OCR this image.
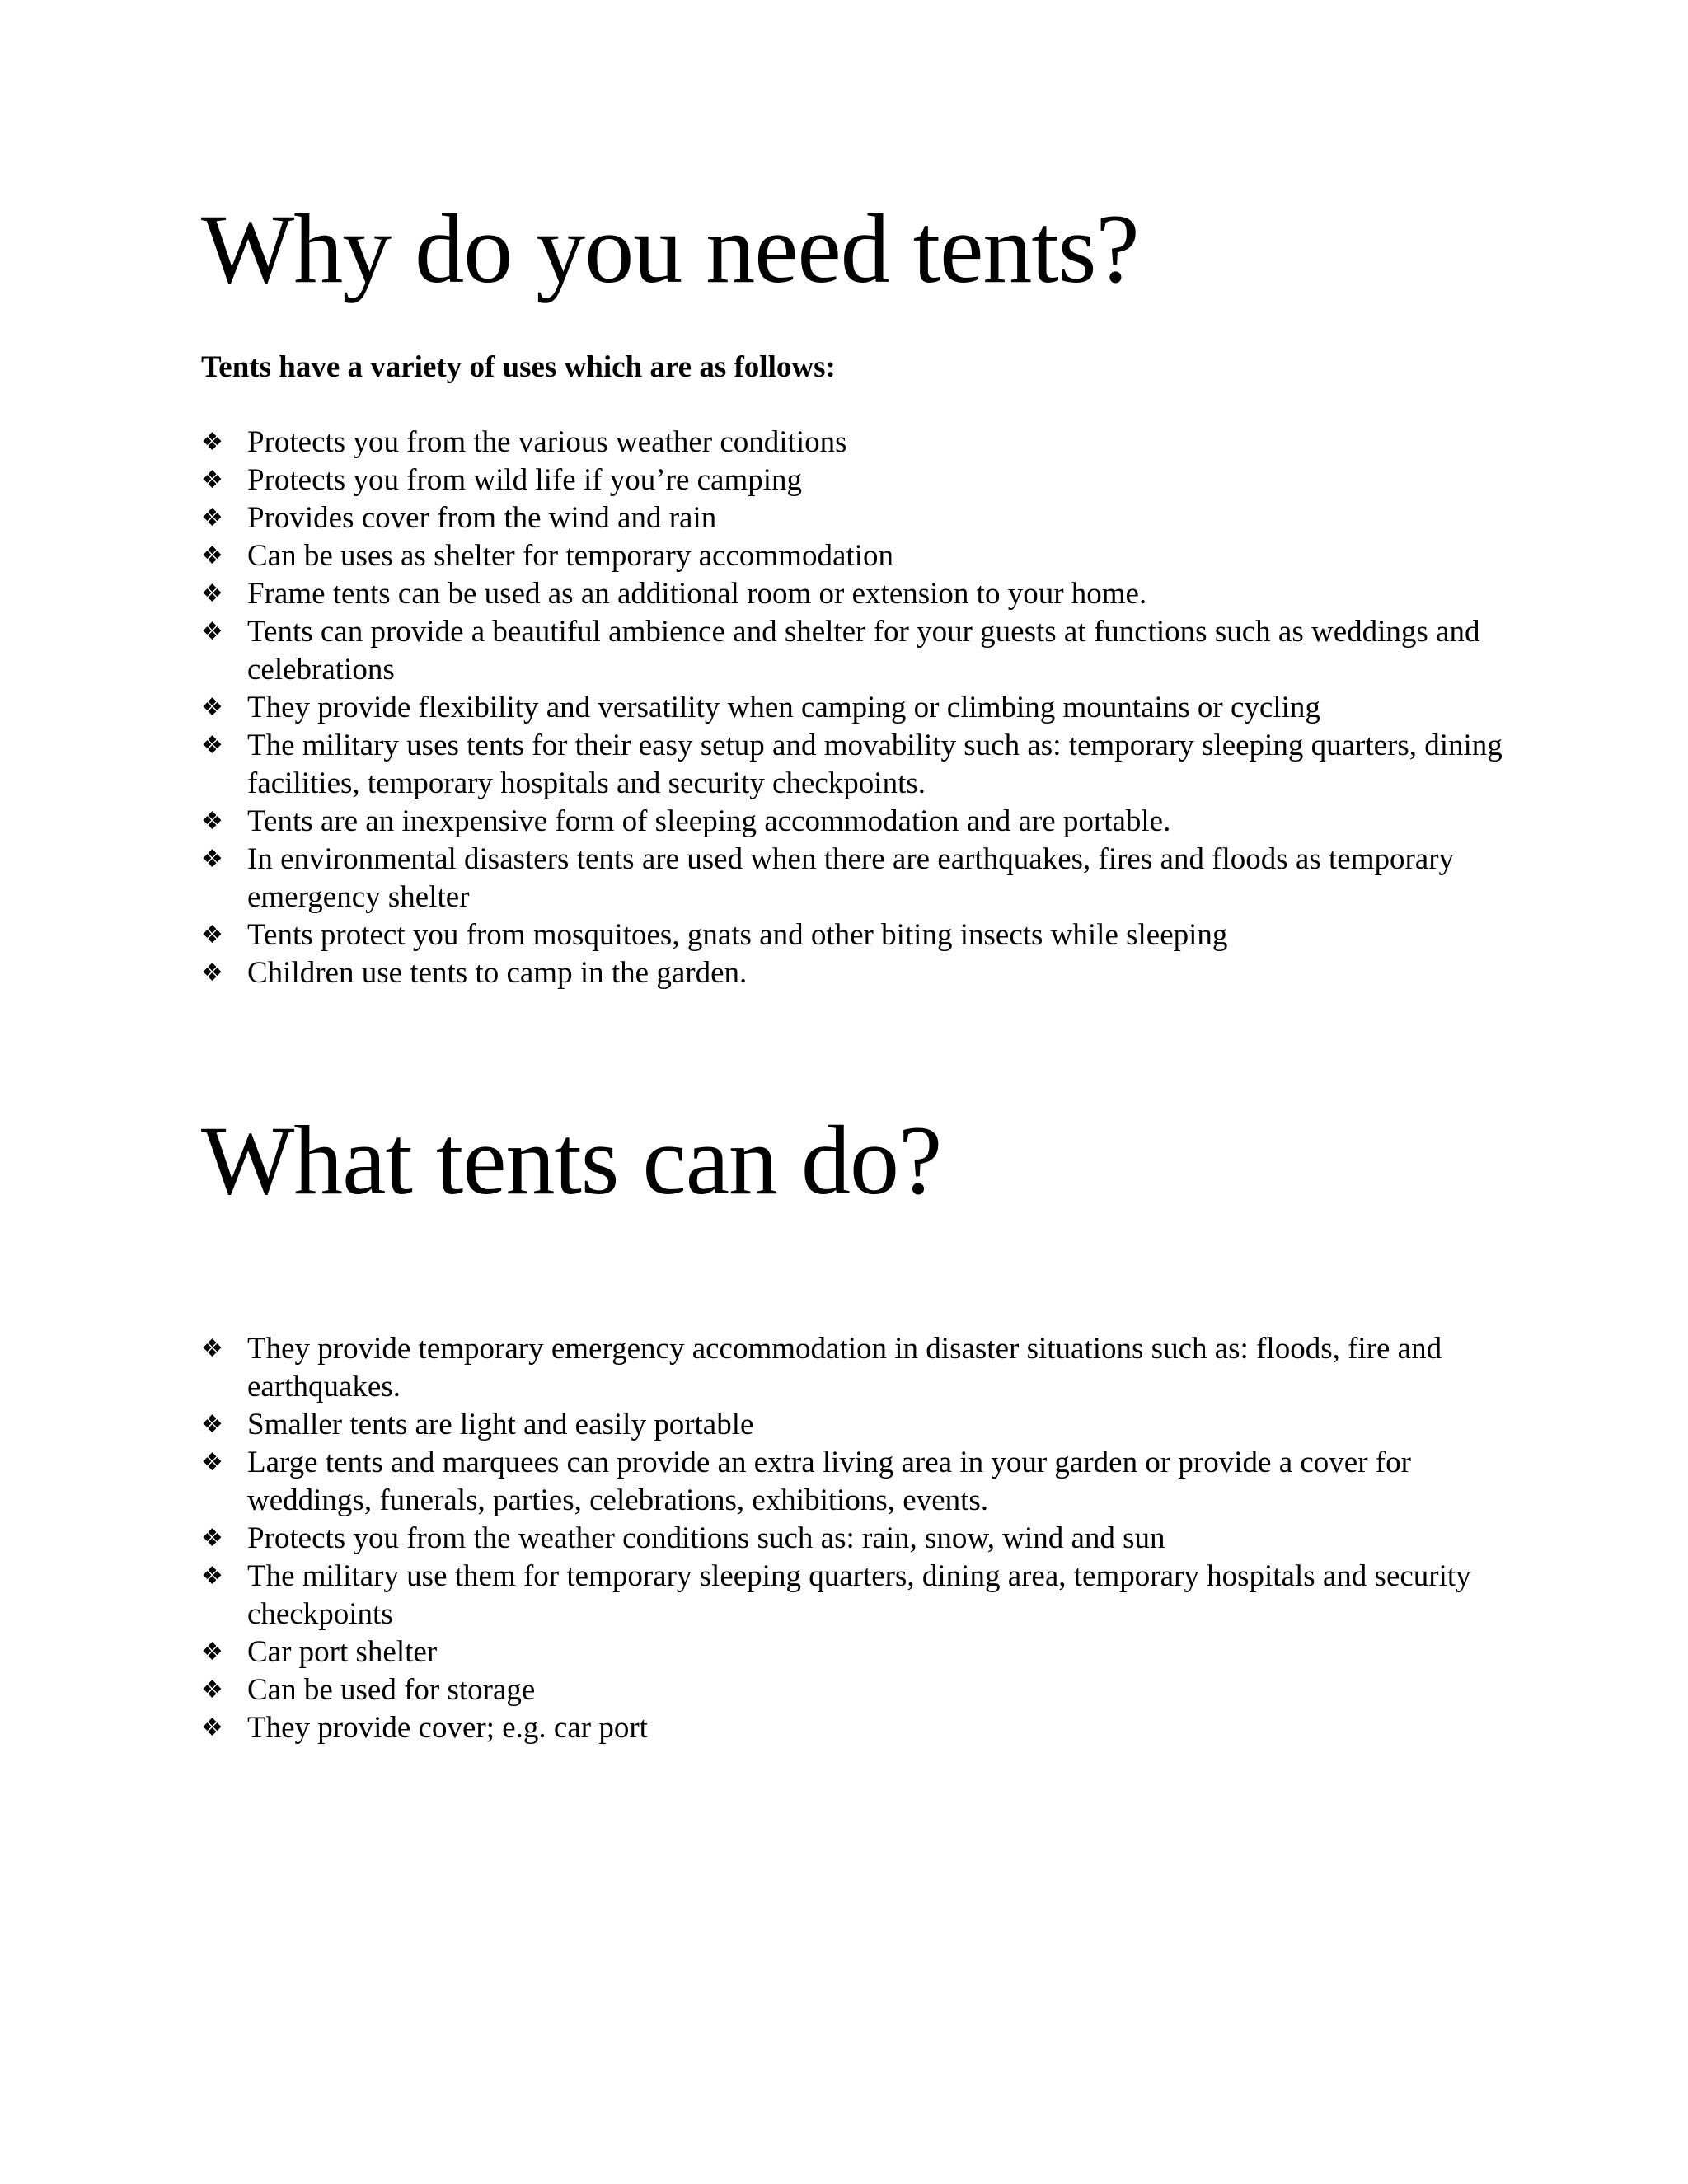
Why do you need tents?

Tents have a variety of uses which are as follows:

❖ Protects you from the various weather conditions
❖ Protects you from wild life if you’re camping
❖ Provides cover from the wind and rain
❖ Can be uses as shelter for temporary accommodation
❖ Frame tents can be used as an additional room or extension to your home.
❖ Tents can provide a beautiful ambience and shelter for your guests at functions such as weddings and celebrations
❖ They provide flexibility and versatility when camping or climbing mountains or cycling
❖ The military uses tents for their easy setup and movability such as: temporary sleeping quarters, dining facilities, temporary hospitals and security checkpoints.
❖ Tents are an inexpensive form of sleeping accommodation and are portable.
❖ In environmental disasters tents are used when there are earthquakes, fires and floods as temporary emergency shelter
❖ Tents protect you from mosquitoes, gnats and other biting insects while sleeping
❖ Children use tents to camp in the garden.
What tents can do?
❖ They provide temporary emergency accommodation in disaster situations such as: floods, fire and earthquakes.
❖ Smaller tents are light and easily portable
❖ Large tents and marquees can provide an extra living area in your garden or provide a cover for weddings, funerals, parties, celebrations, exhibitions, events.
❖ Protects you from the weather conditions such as: rain, snow, wind and sun
❖ The military use them for temporary sleeping quarters, dining area, temporary hospitals and security checkpoints
❖ Car port shelter
❖ Can be used for storage
❖ They provide cover; e.g. car port
